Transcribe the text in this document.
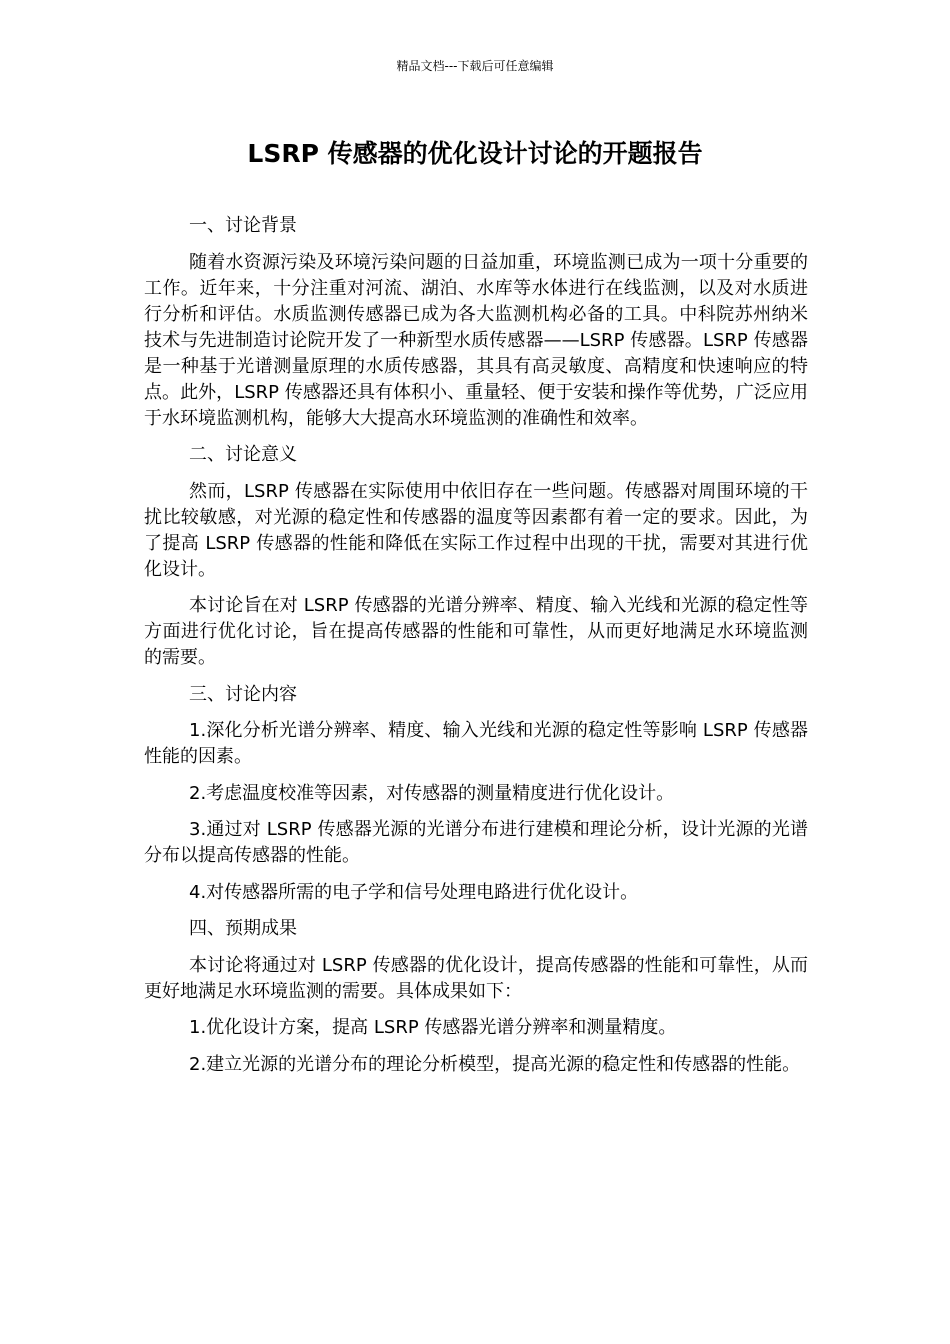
精品文档---下载后可任意编辑
LSRP 传感器的优化设计讨论的开题报告

一、讨论背景

随着水资源污染及环境污染问题的日益加重，环境监测已成为一项十分重要的工作。近年来，十分注重对河流、湖泊、水库等水体进行在线监测，以及对水质进行分析和评估。水质监测传感器已成为各大监测机构必备的工具。中科院苏州纳米技术与先进制造讨论院开发了一种新型水质传感器——LSRP 传感器。LSRP 传感器是一种基于光谱测量原理的水质传感器，其具有高灵敏度、高精度和快速响应的特点。此外，LSRP 传感器还具有体积小、重量轻、便于安装和操作等优势，广泛应用于水环境监测机构，能够大大提高水环境监测的准确性和效率。

二、讨论意义

然而，LSRP 传感器在实际使用中依旧存在一些问题。传感器对周围环境的干扰比较敏感，对光源的稳定性和传感器的温度等因素都有着一定的要求。因此，为了提高 LSRP 传感器的性能和降低在实际工作过程中出现的干扰，需要对其进行优化设计。

本讨论旨在对 LSRP 传感器的光谱分辨率、精度、输入光线和光源的稳定性等方面进行优化讨论，旨在提高传感器的性能和可靠性，从而更好地满足水环境监测的需要。

三、讨论内容

1.深化分析光谱分辨率、精度、输入光线和光源的稳定性等影响 LSRP 传感器性能的因素。

2.考虑温度校准等因素，对传感器的测量精度进行优化设计。

3.通过对 LSRP 传感器光源的光谱分布进行建模和理论分析，设计光源的光谱分布以提高传感器的性能。

4.对传感器所需的电子学和信号处理电路进行优化设计。

四、预期成果

本讨论将通过对 LSRP 传感器的优化设计，提高传感器的性能和可靠性，从而更好地满足水环境监测的需要。具体成果如下：

1.优化设计方案，提高 LSRP 传感器光谱分辨率和测量精度。

2.建立光源的光谱分布的理论分析模型，提高光源的稳定性和传感器的性能。
